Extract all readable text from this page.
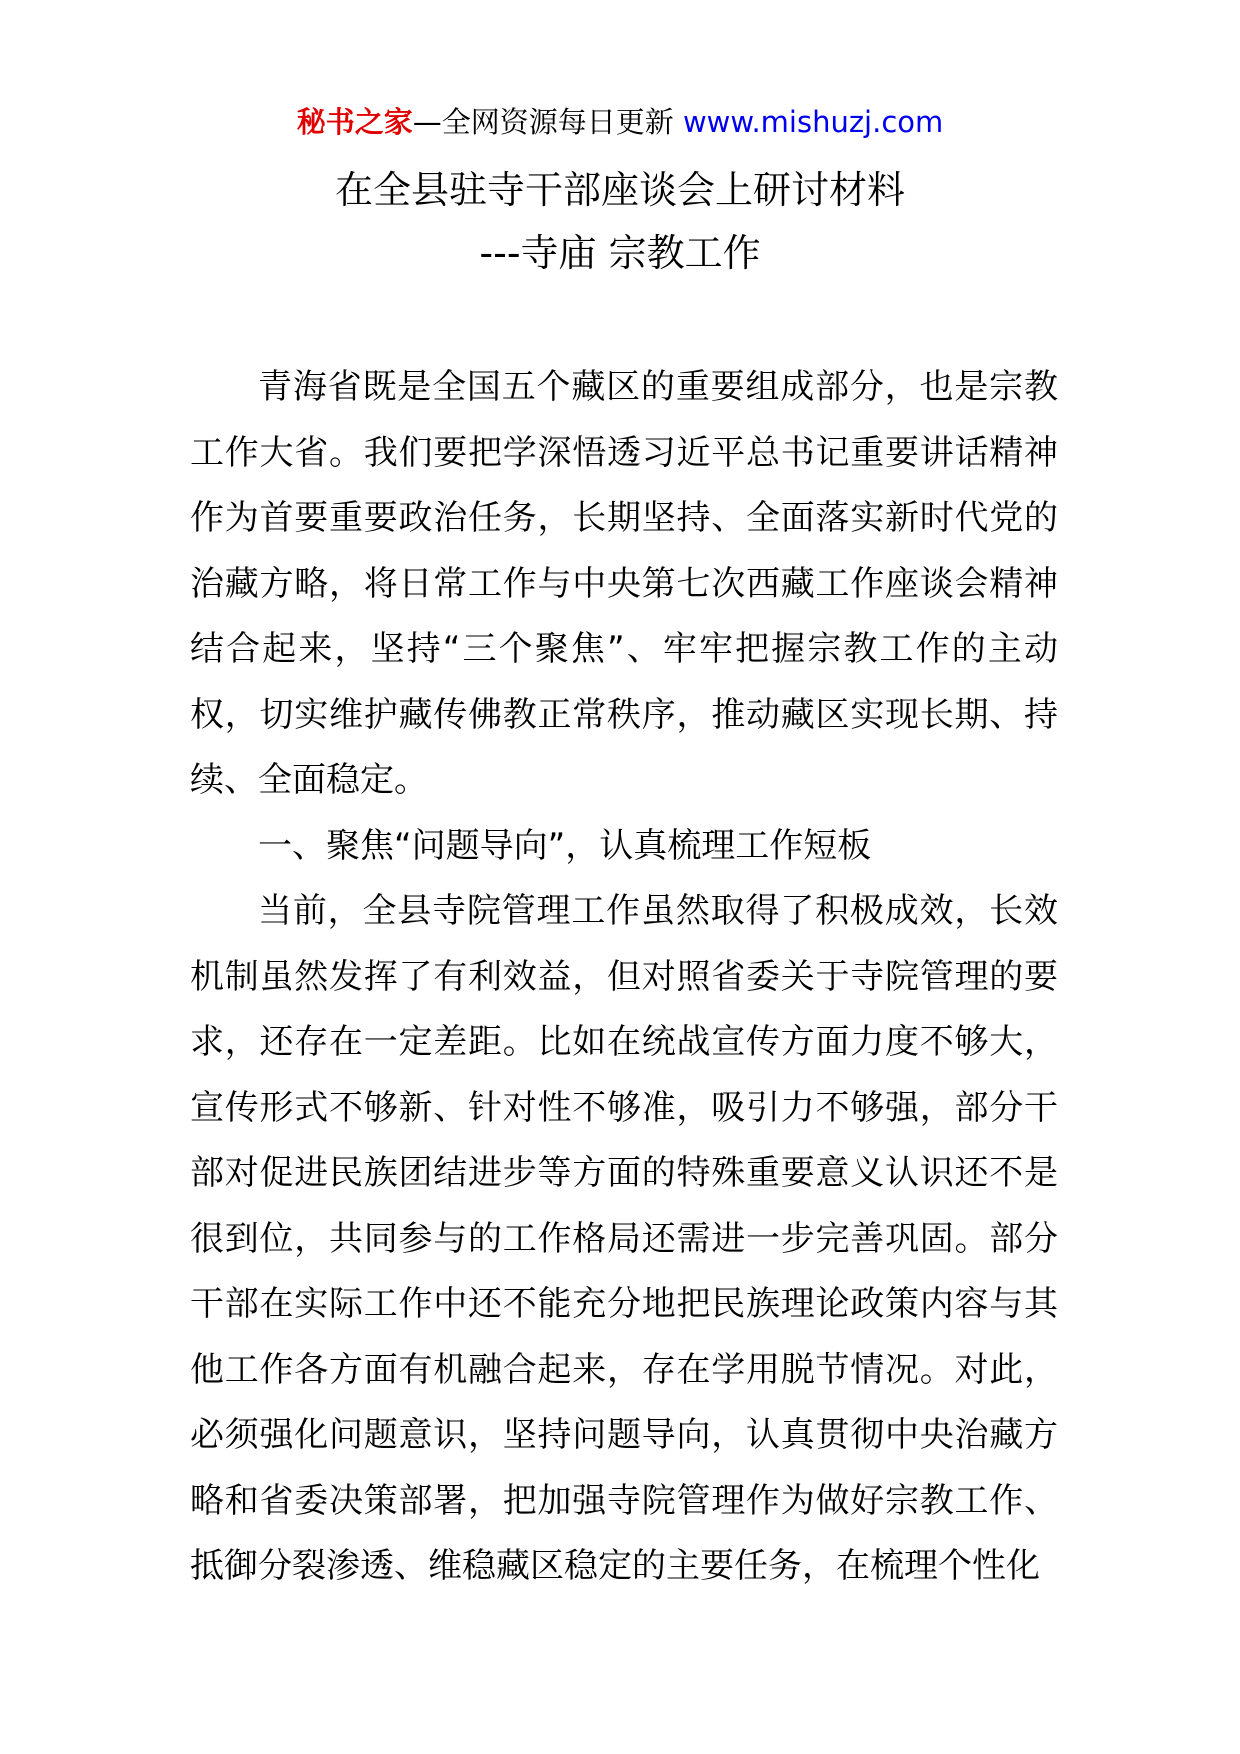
秘书之家—全网资源每日更新 www.mishuzj.com
在全县驻寺干部座谈会上研讨材料
---寺庙 宗教工作

青海省既是全国五个藏区的重要组成部分，也是宗教工作大省。我们要把学深悟透习近平总书记重要讲话精神作为首要重要政治任务，长期坚持、全面落实新时代党的治藏方略，将日常工作与中央第七次西藏工作座谈会精神结合起来，坚持“三个聚焦”、牢牢把握宗教工作的主动权，切实维护藏传佛教正常秩序，推动藏区实现长期、持续、全面稳定。

一、聚焦“问题导向”，认真梳理工作短板

当前，全县寺院管理工作虽然取得了积极成效，长效机制虽然发挥了有利效益，但对照省委关于寺院管理的要求，还存在一定差距。比如在统战宣传方面力度不够大，宣传形式不够新、针对性不够准，吸引力不够强，部分干部对促进民族团结进步等方面的特殊重要意义认识还不是很到位，共同参与的工作格局还需进一步完善巩固。部分干部在实际工作中还不能充分地把民族理论政策内容与其他工作各方面有机融合起来，存在学用脱节情况。对此，必须强化问题意识，坚持问题导向，认真贯彻中央治藏方略和省委决策部署，把加强寺院管理作为做好宗教工作、抵御分裂渗透、维稳藏区稳定的主要任务，在梳理个性化
